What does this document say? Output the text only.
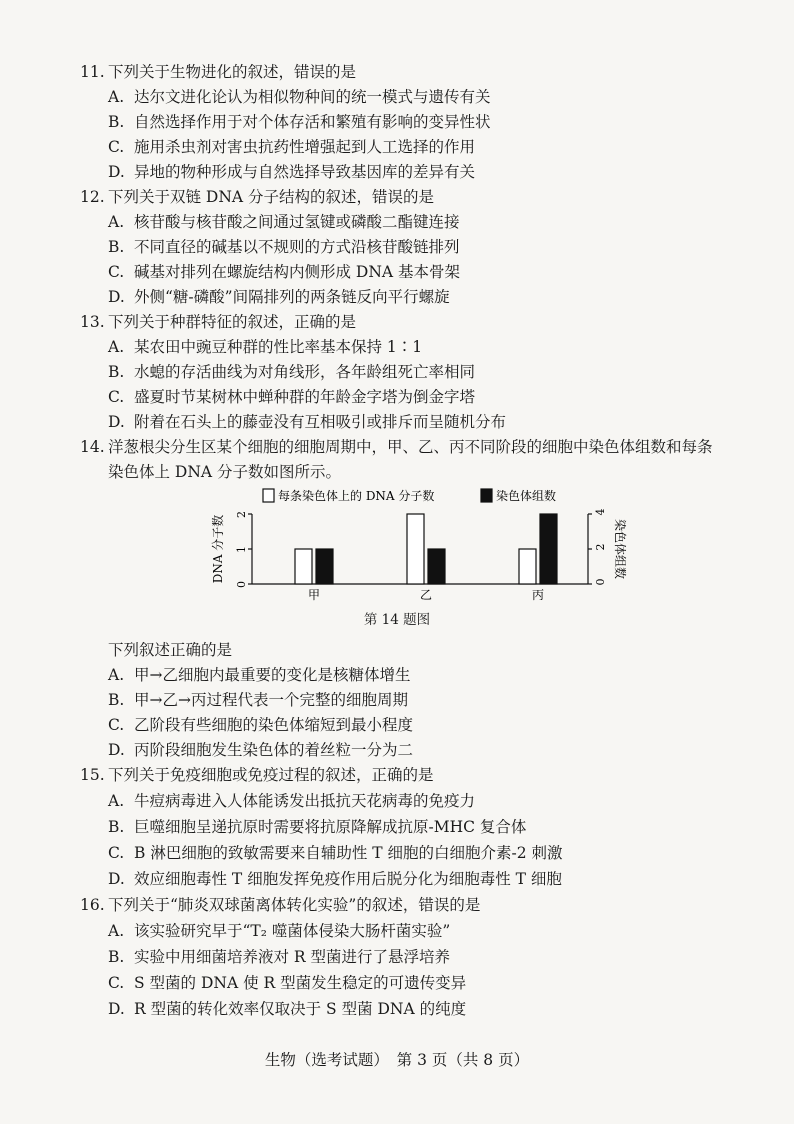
11. 下列关于生物进化的叙述，错误的是
A. 达尔文进化论认为相似物种间的统一模式与遗传有关
B. 自然选择作用于对个体存活和繁殖有影响的变异性状
C. 施用杀虫剂对害虫抗药性增强起到人工选择的作用
D. 异地的物种形成与自然选择导致基因库的差异有关
12. 下列关于双链 DNA 分子结构的叙述，错误的是
A. 核苷酸与核苷酸之间通过氢键或磷酸二酯键连接
B. 不同直径的碱基以不规则的方式沿核苷酸链排列
C. 碱基对排列在螺旋结构内侧形成 DNA 基本骨架
D. 外侧“糖-磷酸”间隔排列的两条链反向平行螺旋
13. 下列关于种群特征的叙述，正确的是
A. 某农田中豌豆种群的性比率基本保持 1∶1
B. 水螅的存活曲线为对角线形，各年龄组死亡率相同
C. 盛夏时节某树林中蝉种群的年龄金字塔为倒金字塔
D. 附着在石头上的藤壶没有互相吸引或排斥而呈随机分布
14. 洋葱根尖分生区某个细胞的细胞周期中，甲、乙、丙不同阶段的细胞中染色体组数和每条
染色体上 DNA 分子数如图所示。
每条染色体上的 DNA 分子数	染色体组数
DNA 分子数	染色体组数
0
1
2
0
2
4
甲	乙	丙
第 14 题图
下列叙述正确的是
A. 甲→乙细胞内最重要的变化是核糖体增生
B. 甲→乙→丙过程代表一个完整的细胞周期
C. 乙阶段有些细胞的染色体缩短到最小程度
D. 丙阶段细胞发生染色体的着丝粒一分为二
15. 下列关于免疫细胞或免疫过程的叙述，正确的是
A. 牛痘病毒进入人体能诱发出抵抗天花病毒的免疫力
B. 巨噬细胞呈递抗原时需要将抗原降解成抗原-MHC 复合体
C. B 淋巴细胞的致敏需要来自辅助性 T 细胞的白细胞介素-2 刺激
D. 效应细胞毒性 T 细胞发挥免疫作用后脱分化为细胞毒性 T 细胞
16. 下列关于“肺炎双球菌离体转化实验”的叙述，错误的是
A. 该实验研究早于“T₂ 噬菌体侵染大肠杆菌实验”
B. 实验中用细菌培养液对 R 型菌进行了悬浮培养
C. S 型菌的 DNA 使 R 型菌发生稳定的可遗传变异
D. R 型菌的转化效率仅取决于 S 型菌 DNA 的纯度
生物（选考试题）　第 3 页（共 8 页）
